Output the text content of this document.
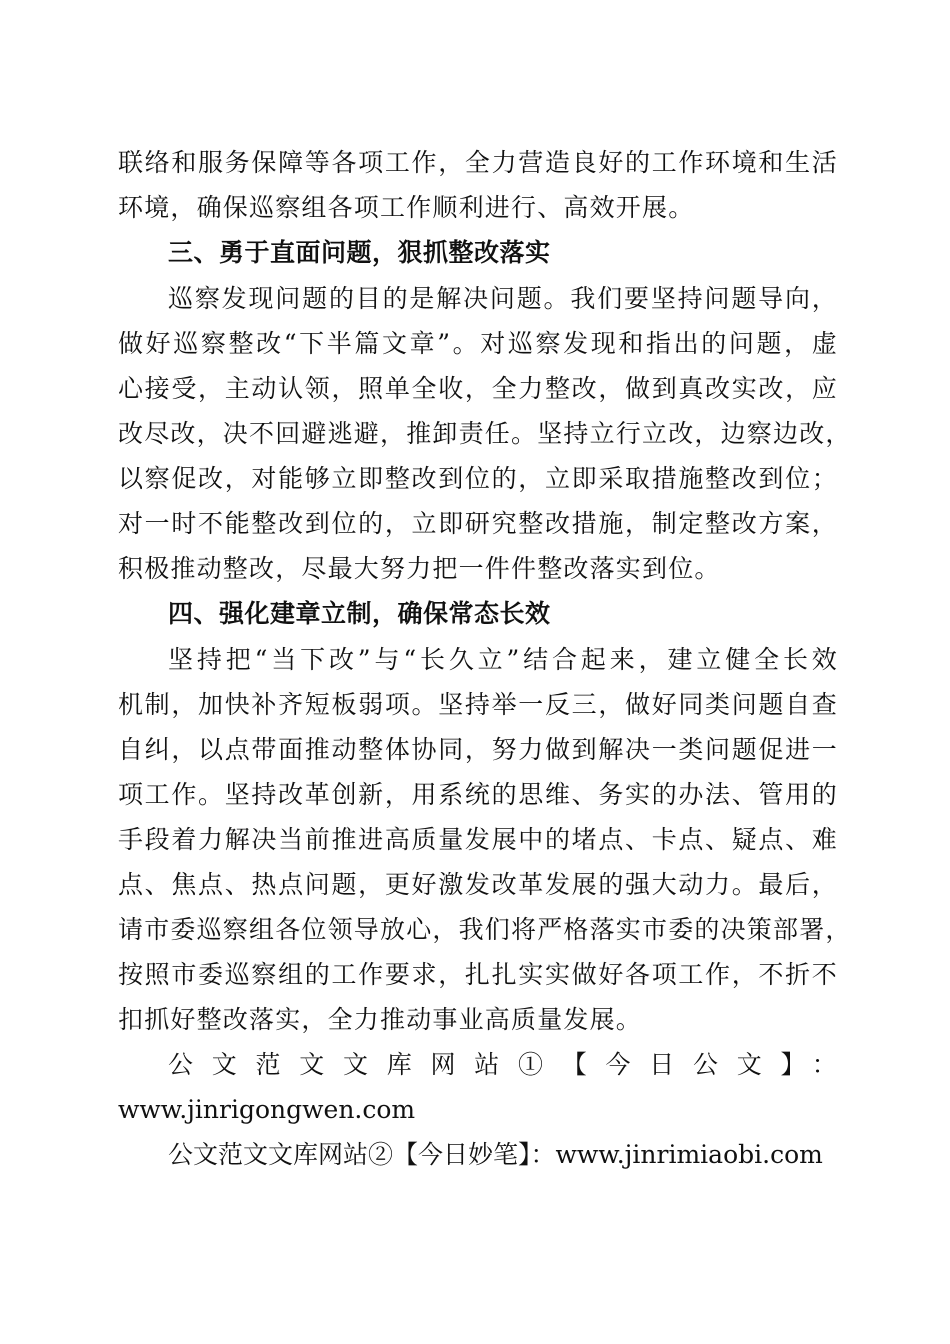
联络和服务保障等各项工作，全力营造良好的工作环境和生活
环境，确保巡察组各项工作顺利进行、高效开展。
三、勇于直面问题，狠抓整改落实
巡察发现问题的目的是解决问题。我们要坚持问题导向，
做好巡察整改“下半篇文章”。对巡察发现和指出的问题，虚
心接受，主动认领，照单全收，全力整改，做到真改实改，应
改尽改，决不回避逃避，推卸责任。坚持立行立改，边察边改，
以察促改，对能够立即整改到位的，立即采取措施整改到位；
对一时不能整改到位的，立即研究整改措施，制定整改方案，
积极推动整改，尽最大努力把一件件整改落实到位。
四、强化建章立制，确保常态长效
坚持把“当下改”与“长久立”结合起来，建立健全长效
机制，加快补齐短板弱项。坚持举一反三，做好同类问题自查
自纠，以点带面推动整体协同，努力做到解决一类问题促进一
项工作。坚持改革创新，用系统的思维、务实的办法、管用的
手段着力解决当前推进高质量发展中的堵点、卡点、疑点、难
点、焦点、热点问题，更好激发改革发展的强大动力。最后，
请市委巡察组各位领导放心，我们将严格落实市委的决策部署，
按照市委巡察组的工作要求，扎扎实实做好各项工作，不折不
扣抓好整改落实，全力推动事业高质量发展。
公文范文文库网站①【今日公文】：
www.jinrigongwen.com
公文范文文库网站②【今日妙笔】：www.jinrimiaobi.com
